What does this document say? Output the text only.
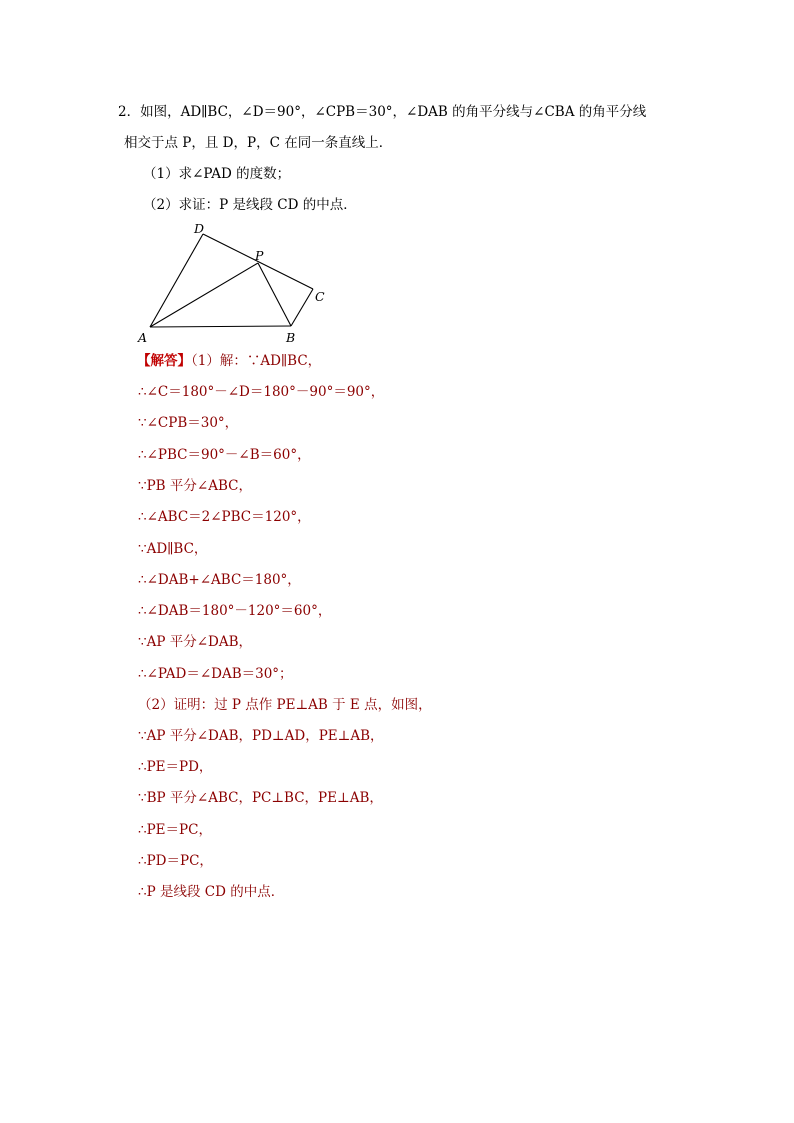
2．如图，AD∥BC，∠D＝90°，∠CPB＝30°，∠DAB 的角平分线与∠CBA 的角平分线
相交于点 P，且 D，P，C 在同一条直线上．
（1）求∠PAD 的度数；
（2）求证：P 是线段 CD 的中点．
D
P
C
A	B
【解答】（1）解：∵AD∥BC，
∴∠C＝180°－∠D＝180°－90°＝90°，
∵∠CPB＝30°，
∴∠PBC＝90°－∠B＝60°，
∵PB 平分∠ABC，
∴∠ABC＝2∠PBC＝120°，
∵AD∥BC，
∴∠DAB+∠ABC＝180°，
∴∠DAB＝180°－120°＝60°，
∵AP 平分∠DAB，
∴∠PAD＝∠DAB＝30°；
（2）证明：过 P 点作 PE⊥AB 于 E 点，如图，
∵AP 平分∠DAB，PD⊥AD，PE⊥AB，
∴PE＝PD，
∵BP 平分∠ABC，PC⊥BC，PE⊥AB，
∴PE＝PC，
∴PD＝PC，
∴P 是线段 CD 的中点．
